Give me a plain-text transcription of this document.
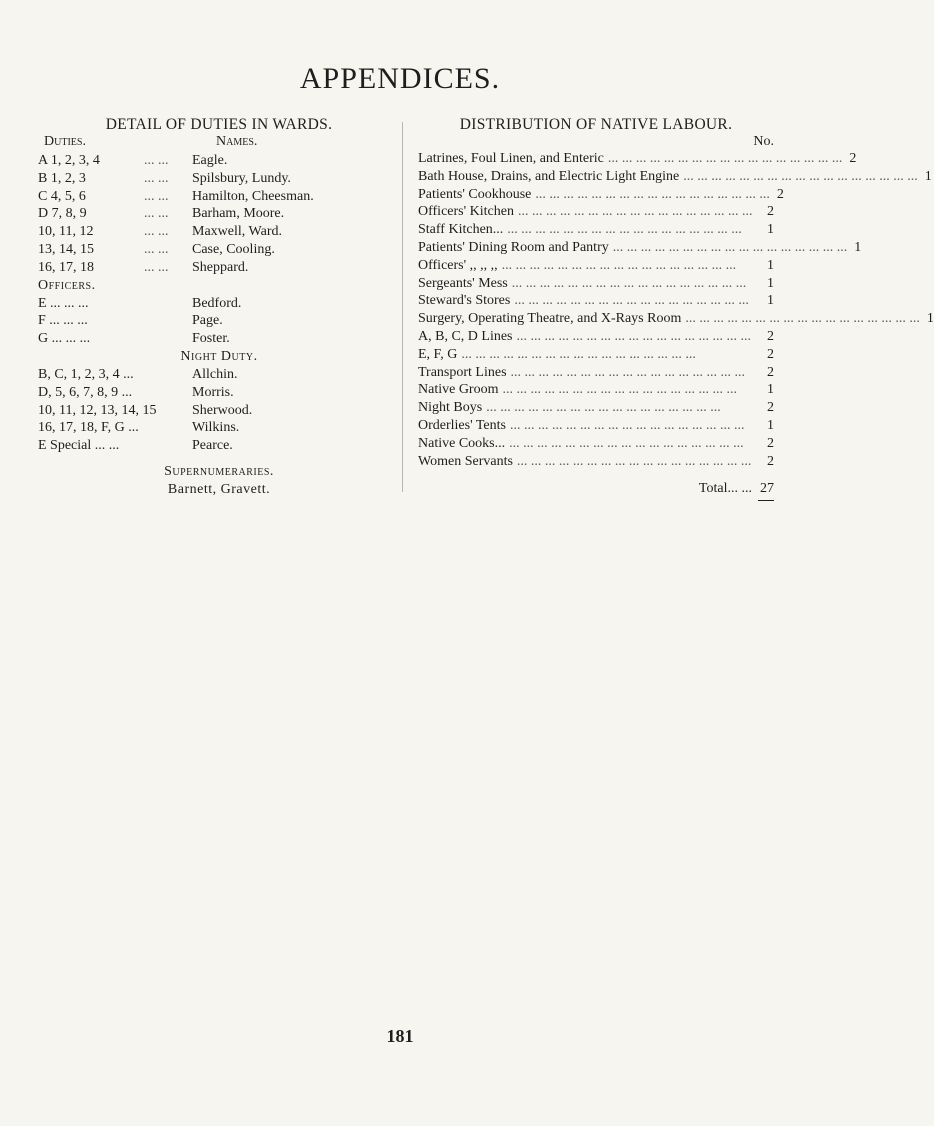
APPENDICES.
DETAIL OF DUTIES IN WARDS.
Duties.	Names.
A 1, 2, 3, 4	... ... Eagle.
B 1, 2, 3	... ... Spilsbury, Lundy.
C 4, 5, 6	... ... Hamilton, Cheesman.
D 7, 8, 9	... ... Barham, Moore.
10, 11, 12	... ... Maxwell, Ward.
13, 14, 15	... ... Case, Cooling.
16, 17, 18	... ... Sheppard.
Officers.
E ... ... ...	Bedford.
F ... ... ...	Page.
G ... ... ...	Foster.
Night Duty.
B, C, 1, 2, 3, 4 ...	Allchin.
D, 5, 6, 7, 8, 9 ...	Morris.
10, 11, 12, 13, 14, 15	Sherwood.
16, 17, 18, F, G ...	Wilkins.
E Special ... ...	Pearce.
Supernumeraries.
Barnett, Gravett.
DISTRIBUTION OF NATIVE LABOUR.
No.
Latrines, Foul Linen, and Enteric ... ... ... ... ... ... ... ... ... ... ... ... ... ... ... ... ... 2
Bath House, Drains, and Electric Light Engine ... ... ... ... ... ... ... ... ... ... ... ... ... ... ... ... ... 1
Patients' Cookhouse ... ... ... ... ... ... ... ... ... ... ... ... ... ... ... ... ... 2
Officers' Kitchen ... ... ... ... ... ... ... ... ... ... ... ... ... ... ... ... ...	2
Staff Kitchen... ... ... ... ... ... ... ... ... ... ... ... ... ... ... ... ... ...	1
Patients' Dining Room and Pantry ... ... ... ... ... ... ... ... ... ... ... ... ... ... ... ... ... 1
Officers' ,, ,, ,, ... ... ... ... ... ... ... ... ... ... ... ... ... ... ... ... ...	1
Sergeants' Mess ... ... ... ... ... ... ... ... ... ... ... ... ... ... ... ... ...	1
Steward's Stores ... ... ... ... ... ... ... ... ... ... ... ... ... ... ... ... ...	1
Surgery, Operating Theatre, and X-Rays Room ... ... ... ... ... ... ... ... ... ... ... ... ... ... ... ... ... 1
A, B, C, D Lines ... ... ... ... ... ... ... ... ... ... ... ... ... ... ... ... ...	2
E, F, G ... ... ... ... ... ... ... ... ... ... ... ... ... ... ... ... ...	2
Transport Lines ... ... ... ... ... ... ... ... ... ... ... ... ... ... ... ... ...	2
Native Groom ... ... ... ... ... ... ... ... ... ... ... ... ... ... ... ... ...	1
Night Boys ... ... ... ... ... ... ... ... ... ... ... ... ... ... ... ... ...	2
Orderlies' Tents ... ... ... ... ... ... ... ... ... ... ... ... ... ... ... ... ...	1
Native Cooks... ... ... ... ... ... ... ... ... ... ... ... ... ... ... ... ... ...	2
Women Servants ... ... ... ... ... ... ... ... ... ... ... ... ... ... ... ... ...	2
Total... ... 27
181
